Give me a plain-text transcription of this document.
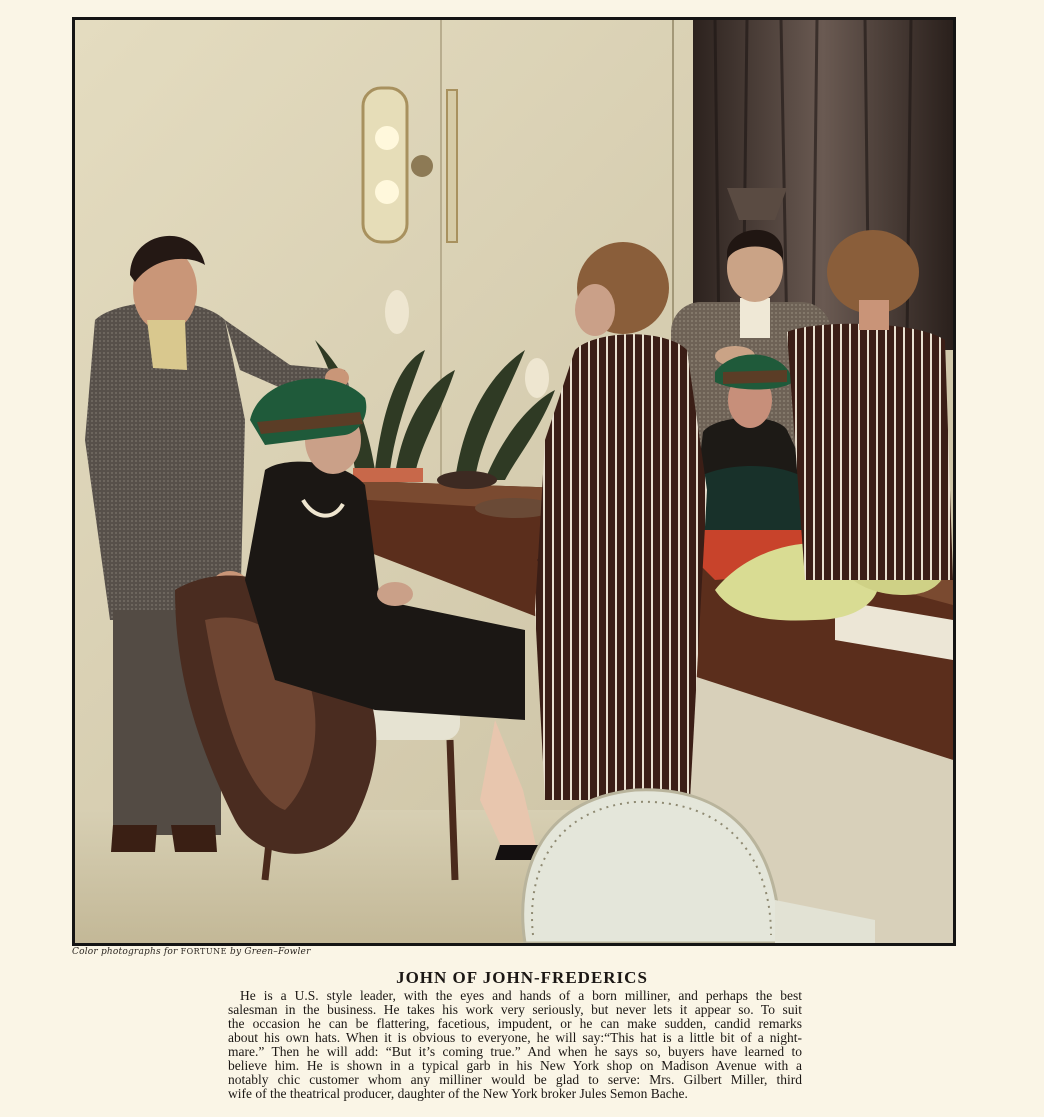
Color photographs for FORTUNE by Green–Fowler
JOHN OF JOHN-FREDERICS

He is a U.S. style leader, with the eyes and hands of a born milliner, and perhaps the best
salesman in the business. He takes his work very seriously, but never lets it appear so. To suit
the occasion he can be flattering, facetious, impudent, or he can make sudden, candid remarks
about his own hats. When it is obvious to everyone, he will say:“This hat is a little bit of a night-
mare.” Then he will add: “But it’s coming true.” And when he says so, buyers have learned to
believe him. He is shown in a typical garb in his New York shop on Madison Avenue with a
notably chic customer whom any milliner would be glad to serve: Mrs. Gilbert Miller, third
wife of the theatrical producer, daughter of the New York broker Jules Semon Bache.
